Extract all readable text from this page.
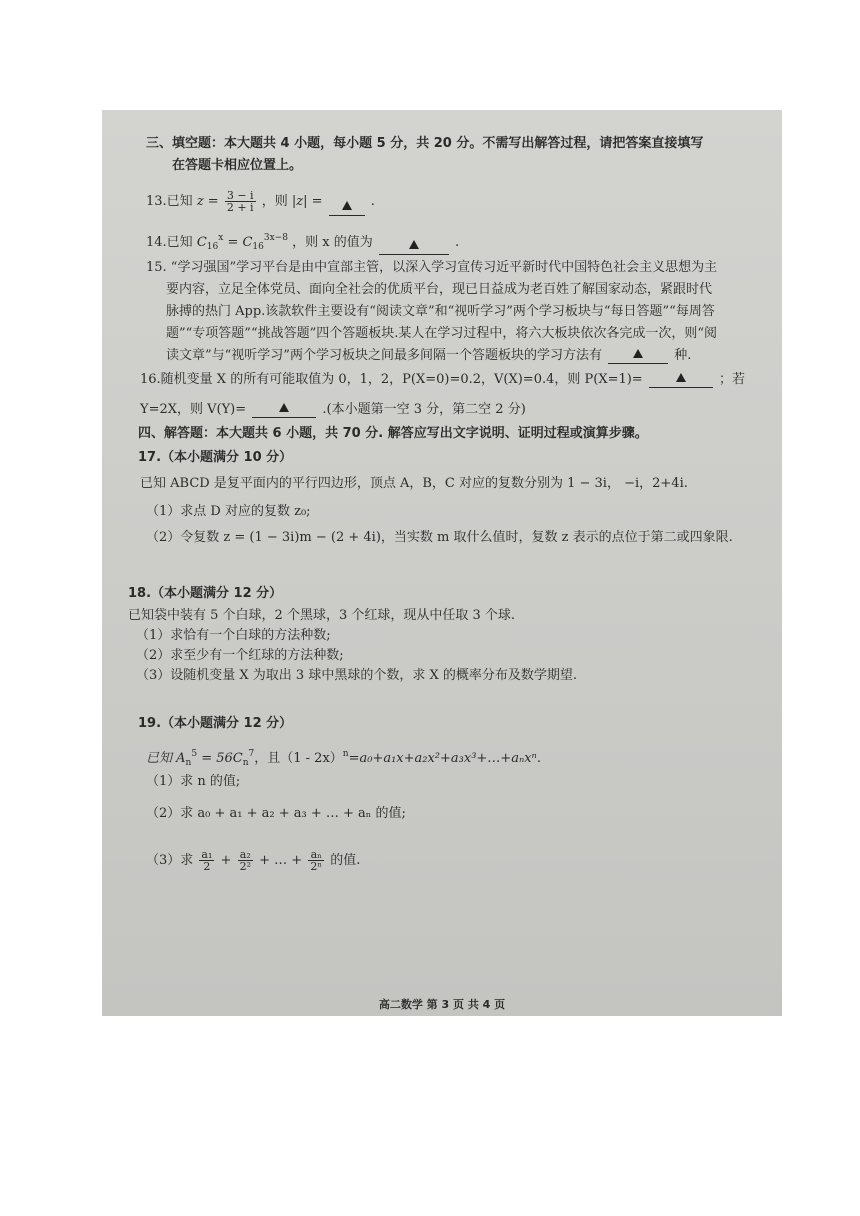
三、填空题：本大题共 4 小题，每小题 5 分，共 20 分。不需写出解答过程，请把答案直接填写
在答题卡相应位置上。
13.已知 $z = \frac{3 - i}{2 + i}$ ，则 |z| =	.
14.已知 $C_{16}^x = C_{16}^{3x-8}$ ，则 x 的值为	.
15. “学习强国”学习平台是由中宣部主管，以深入学习宣传习近平新时代中国特色社会主义思想为主
要内容，立足全体党员、面向全社会的优质平台，现已日益成为老百姓了解国家动态，紧跟时代
脉搏的热门 App.该款软件主要设有“阅读文章”和“视听学习”两个学习板块与“每日答题”“每周答
题”“专项答题”“挑战答题”四个答题板块.某人在学习过程中，将六大板块依次各完成一次，则“阅
读文章”与“视听学习”两个学习板块之间最多间隔一个答题板块的学习方法有	种.
16.随机变量 X 的所有可能取值为 0，1，2，P(X=0)=0.2，V(X)=0.4，则 P(X=1)=	；若
Y=2X，则 V(Y)=	.(本小题第一空 3 分，第二空 2 分)
四、解答题：本大题共 6 小题，共 70 分. 解答应写出文字说明、证明过程或演算步骤。
17.（本小题满分 10 分）
已知 ABCD 是复平面内的平行四边形，顶点 A，B，C 对应的复数分别为 1 − 3i， −i，2+4i.
（1）求点 D 对应的复数 z₀;
（2）令复数 z = (1 − 3i)m − (2 + 4i)，当实数 m 取什么值时，复数 z 表示的点位于第二或四象限.
18.（本小题满分 12 分）
已知袋中装有 5 个白球，2 个黑球，3 个红球，现从中任取 3 个球.
（1）求恰有一个白球的方法种数;
（2）求至少有一个红球的方法种数;
（3）设随机变量 X 为取出 3 球中黑球的个数，求 X 的概率分布及数学期望.
19.（本小题满分 12 分）
已知 $A_n^5 = 56C_n^7$，且（1 - 2x）$^n$=a₀+a₁x+a₂x²+a₃x³+…+aₙxⁿ.
（1）求 n 的值;
（2）求 a₀ + a₁ + a₂ + a₃ + … + aₙ 的值;
（3）求 $\frac{\text{a₁}}{2} + \frac{\text{a₂}}{\text{2²}}$ + … + $\frac{\text{aₙ}}{\text{2ⁿ}}$ 的值.
高二数学 第 3 页 共 4 页
